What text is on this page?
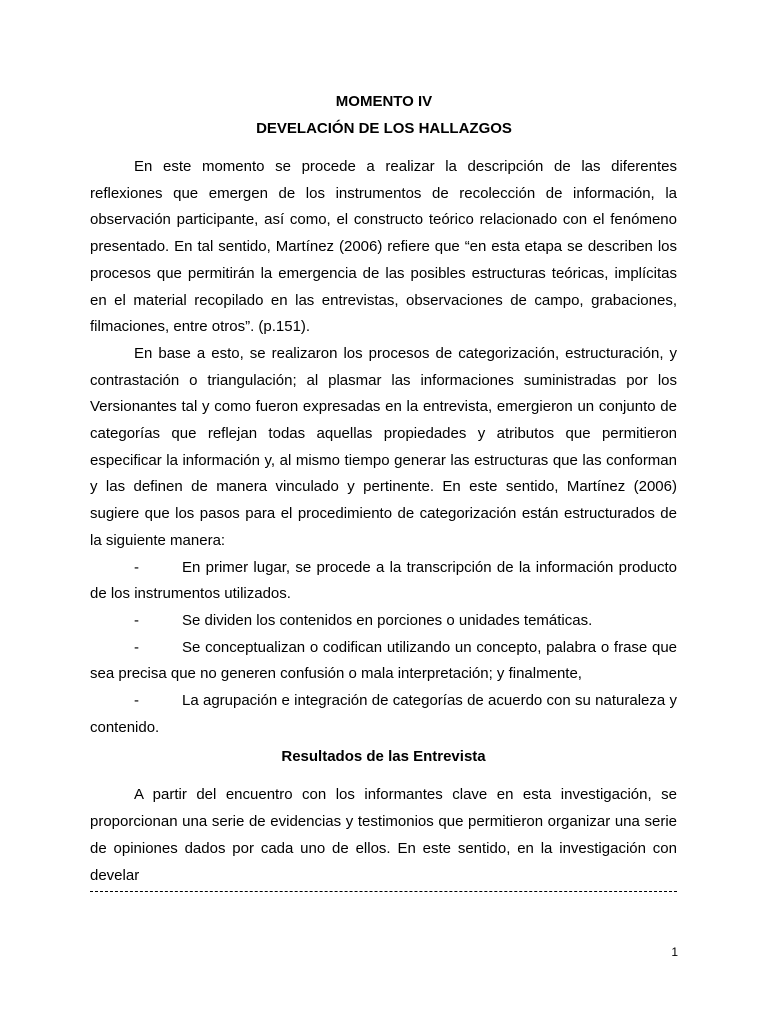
MOMENTO IV
DEVELACIÓN DE LOS HALLAZGOS

En este momento se procede a realizar la descripción de las diferentes reflexiones que emergen de los instrumentos de recolección de información, la observación participante, así como, el constructo teórico relacionado con el fenómeno presentado. En tal sentido, Martínez (2006) refiere que “en esta etapa se describen los procesos que permitirán la emergencia de las posibles estructuras teóricas, implícitas en el material recopilado en las entrevistas, observaciones de campo, grabaciones, filmaciones, entre otros”. (p.151).

En base a esto, se realizaron los procesos de categorización, estructuración, y contrastación o triangulación; al plasmar las informaciones suministradas por los Versionantes tal y como fueron expresadas en la entrevista, emergieron un conjunto de categorías que reflejan todas aquellas propiedades y atributos que permitieron especificar la información y, al mismo tiempo generar las estructuras que las conforman y las definen de manera vinculado y pertinente. En este sentido, Martínez (2006) sugiere que los pasos para el procedimiento de categorización están estructurados de la siguiente manera:

-	En primer lugar, se procede a la transcripción de la información producto de los instrumentos utilizados.

-	Se dividen los contenidos en porciones o unidades temáticas.

-	Se conceptualizan o codifican utilizando un concepto, palabra o frase que sea precisa que no generen confusión o mala interpretación; y finalmente,

-	La agrupación e integración de categorías de acuerdo con su naturaleza y contenido.

Resultados de las Entrevista

A partir del encuentro con los informantes clave en esta investigación, se proporcionan una serie de evidencias y testimonios que permitieron organizar una serie de opiniones dados por cada uno de ellos. En este sentido, en la investigación con develar

1
